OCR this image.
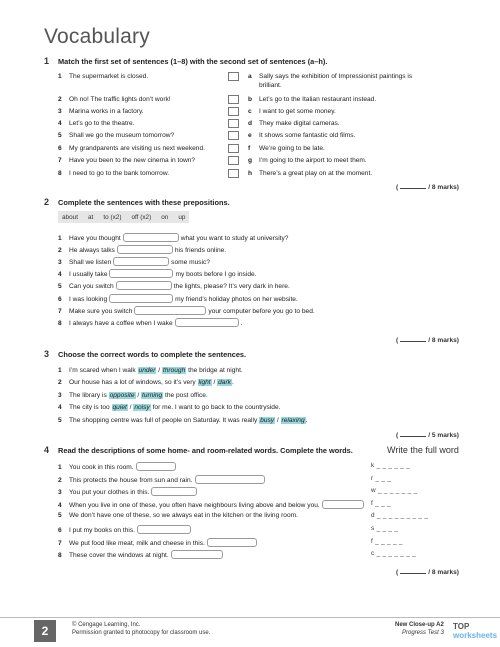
Vocabulary
1 Match the first set of sentences (1–8) with the second set of sentences (a–h).
1 The supermarket is closed.
2 Oh no! The traffic lights don’t work!
3 Marina works in a factory.
4 Let’s go to the theatre.
5 Shall we go the museum tomorrow?
6 My grandparents are visiting us next weekend.
7 Have you been to the new cinema in town?
8 I need to go to the bank tomorrow.
a Sally says the exhibition of Impressionist paintings is
brilliant.
b Let’s go to the Italian restaurant instead.
c I want to get some money.
d They make digital cameras.
e It shows some fantastic old films.
f We’re going to be late.
g I’m going to the airport to meet them.
h There’s a great play on at the moment.
(	/ 8 marks)
2 Complete the sentences with these prepositions.
about at to (x2) off (x2) on up
1 Have you thought	what you want to study at university?
2 He always talks	his friends online.
3 Shall we listen	some music?
4 I usually take	my boots before I go inside.
5 Can you switch	the lights, please? It’s very dark in here.
6 I was looking	my friend’s holiday photos on her website.
7 Make sure you switch	your computer before you go to bed.
8 I always have a coffee when I wake	.
(	/ 8 marks)
3 Choose the correct words to complete the sentences.
1 I’m scared when I walk under / through the bridge at night.
2 Our house has a lot of windows, so it’s very light / dark.
3 The library is opposite / turning the post office.
4 The city is too quiet / noisy for me. I want to go back to the countryside.
5 The shopping centre was full of people on Saturday. It was really busy / relaxing.
(	/ 5 marks)
4 Read the descriptions of some home- and room-related words. Complete the words.	Write the full word
1 You cook in this room.	k _ _ _ _ _ _
2 This protects the house from sun and rain.	r _ _ _
3 You put your clothes in this.	w _ _ _ _ _ _ _
4 When you live in one of these, you often have neighbours living above and below you.	f _ _ _
5 We don’t have one of these, so we always eat in the kitchen or the living room.	d _ _ _ _ _ _ _ _ _
6 I put my books on this.	s _ _ _ _
7 We put food like meat, milk and cheese in this.	f _ _ _ _ _
8 These cover the windows at night.	c _ _ _ _ _ _ _
(	/ 8 marks)
2	© Cengage Learning, Inc.
Permission granted to photocopy for classroom use.
New Close-up A2
Progress Test 3
TOP
worksheets
